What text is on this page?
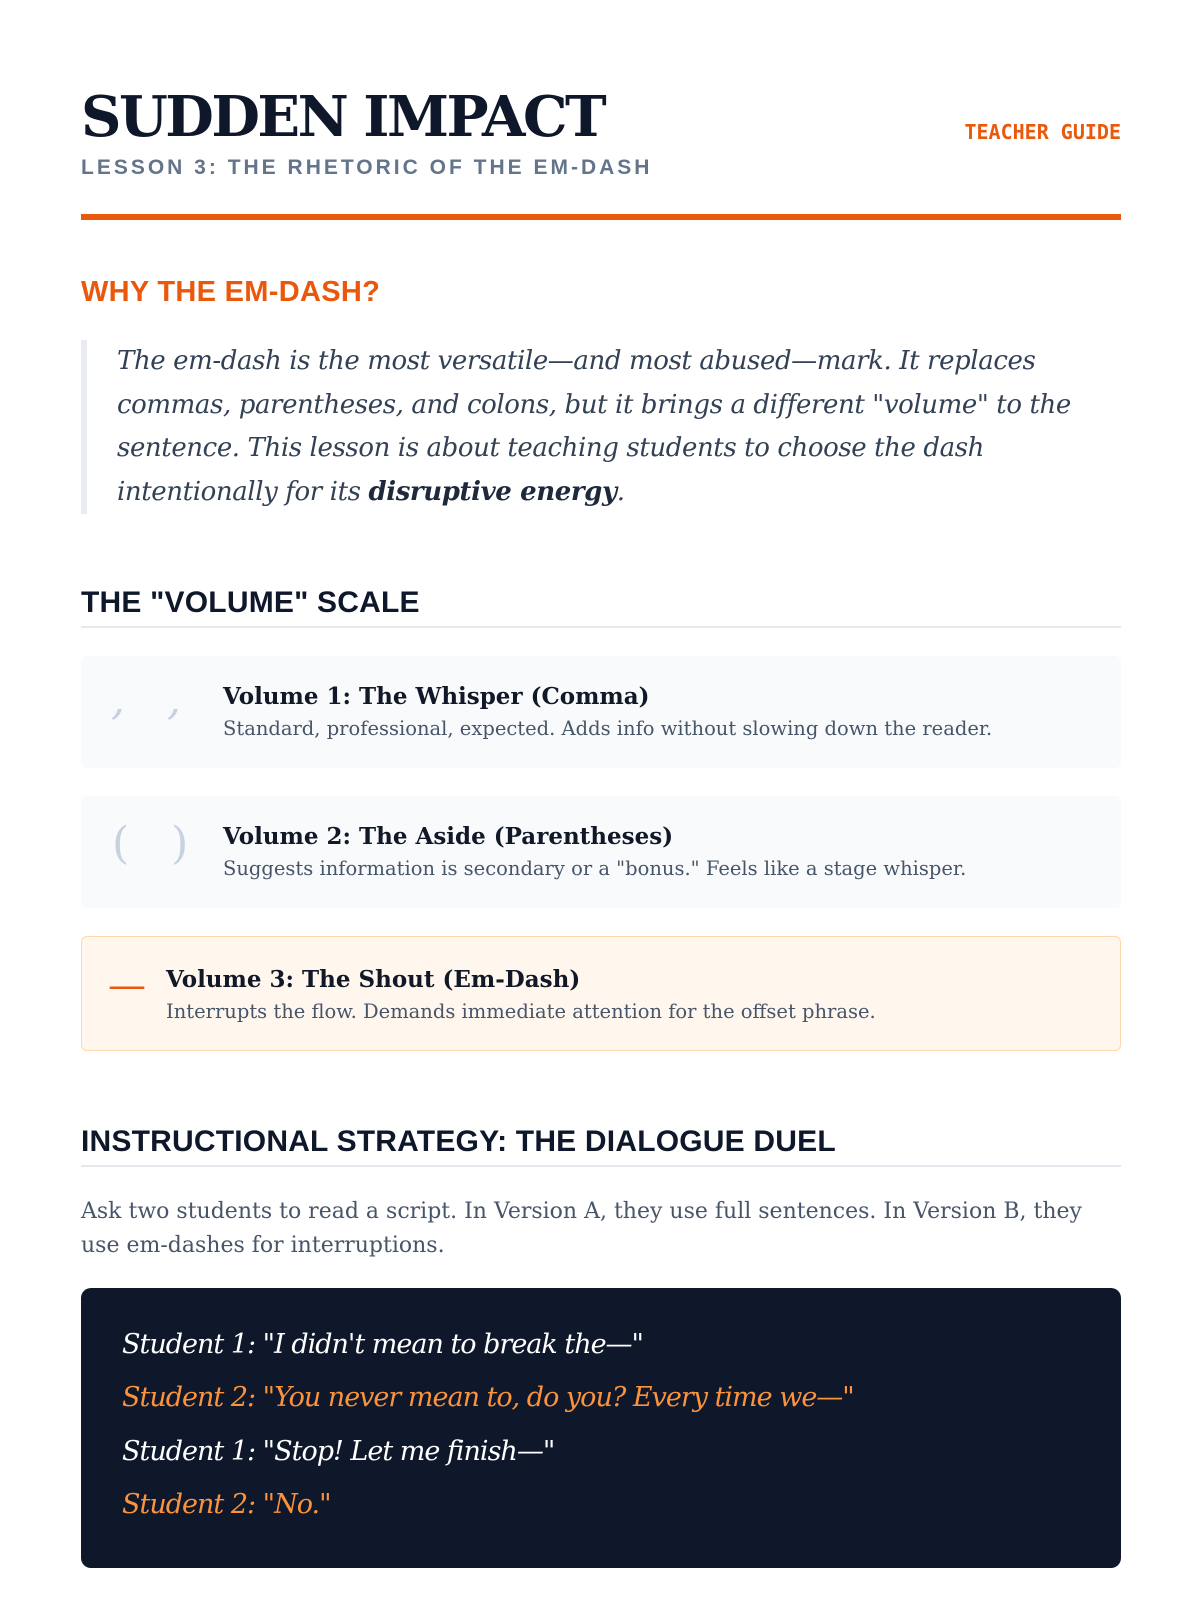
SUDDEN IMPACT
LESSON 3: THE RHETORIC OF THE EM-DASH
TEACHER GUIDE
WHY THE EM-DASH?
The em-dash is the most versatile—and most abused—mark. It replaces commas, parentheses, and colons, but it brings a different "volume" to the sentence. This lesson is about teaching students to choose the dash intentionally for its disruptive energy.
THE "VOLUME" SCALE
,   , Volume 1: The Whisper (Comma)
Standard, professional, expected. Adds info without slowing down the reader.
(   ) Volume 2: The Aside (Parentheses)
Suggests information is secondary or a "bonus." Feels like a stage whisper.
— Volume 3: The Shout (Em-Dash)
Interrupts the flow. Demands immediate attention for the offset phrase.
INSTRUCTIONAL STRATEGY: THE DIALOGUE DUEL

Ask two students to read a script. In Version A, they use full sentences. In Version B, they use em-dashes for interruptions.

Student 1: "I didn't mean to break the—"
Student 2: "You never mean to, do you? Every time we—"
Student 1: "Stop! Let me finish—"
Student 2: "No."
